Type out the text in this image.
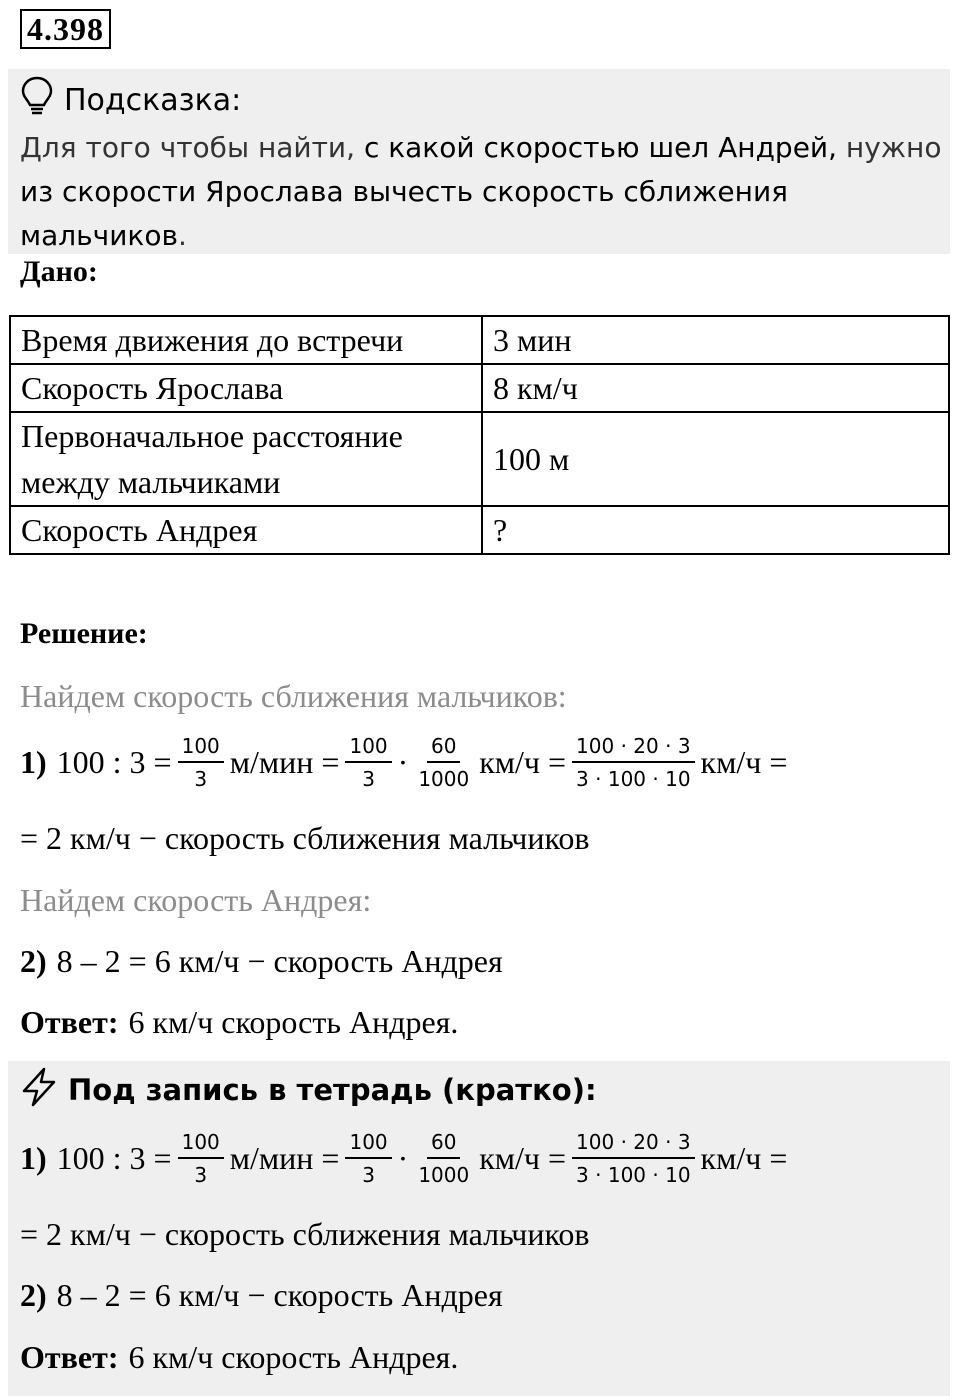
4.398
Подсказка:
Для того чтобы найти, с какой скоростью шел Андрей, нужно
из скорости Ярослава вычесть скорость сближения
мальчиков.
Дано:
Время движения до встречи	3 мин
Скорость Ярослава	8 км/ч
Первоначальное расстояние
между мальчиками	100 м
Скорость Андрея	?
Решение:
Найдем скорость сближения мальчиков:
1) 100 : $3 = \frac{100}{3} м/мин = \frac{100}{3} \cdot \frac{60}{1000} км/ч = \frac{100 \cdot 20 \cdot 3}{3 \cdot 100 \cdot 10} км/ч$ =
= 2 км/ч − скорость сближения мальчиков
Найдем скорость Андрея:
2) 8 – 2 = 6 км/ч − скорость Андрея
Ответ: 6 км/ч скорость Андрея.
Под запись в тетрадь (кратко):
1) 100 : $3 = \frac{100}{3} м/мин = \frac{100}{3} \cdot \frac{60}{1000} км/ч = \frac{100 \cdot 20 \cdot 3}{3 \cdot 100 \cdot 10} км/ч$ =
= 2 км/ч − скорость сближения мальчиков
2) 8 – 2 = 6 км/ч − скорость Андрея
Ответ: 6 км/ч скорость Андрея.
